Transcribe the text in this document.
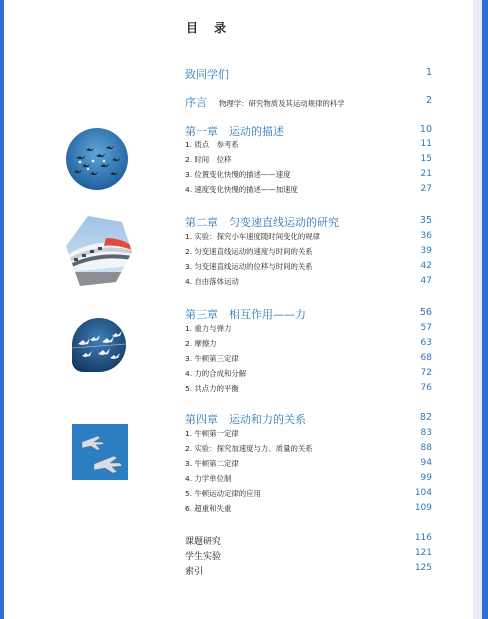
目 录
致同学们	1
序言 物理学：研究物质及其运动规律的科学	2
第一章　运动的描述	10
1. 质点　参考系	11
2. 时间　位移	15
3. 位置变化快慢的描述——速度	21
4. 速度变化快慢的描述——加速度	27
第二章　匀变速直线运动的研究	35
1. 实验：探究小车速度随时间变化的规律	36
2. 匀变速直线运动的速度与时间的关系	39
3. 匀变速直线运动的位移与时间的关系	42
4. 自由落体运动	47
第三章　相互作用——力	56
1. 重力与弹力	57
2. 摩擦力	63
3. 牛顿第三定律	68
4. 力的合成和分解	72
5. 共点力的平衡	76
第四章　运动和力的关系	82
1. 牛顿第一定律	83
2. 实验：探究加速度与力、质量的关系	88
3. 牛顿第二定律	94
4. 力学单位制	99
5. 牛顿运动定律的应用	104
6. 超重和失重	109
课题研究	116
学生实验	121
索引	125
